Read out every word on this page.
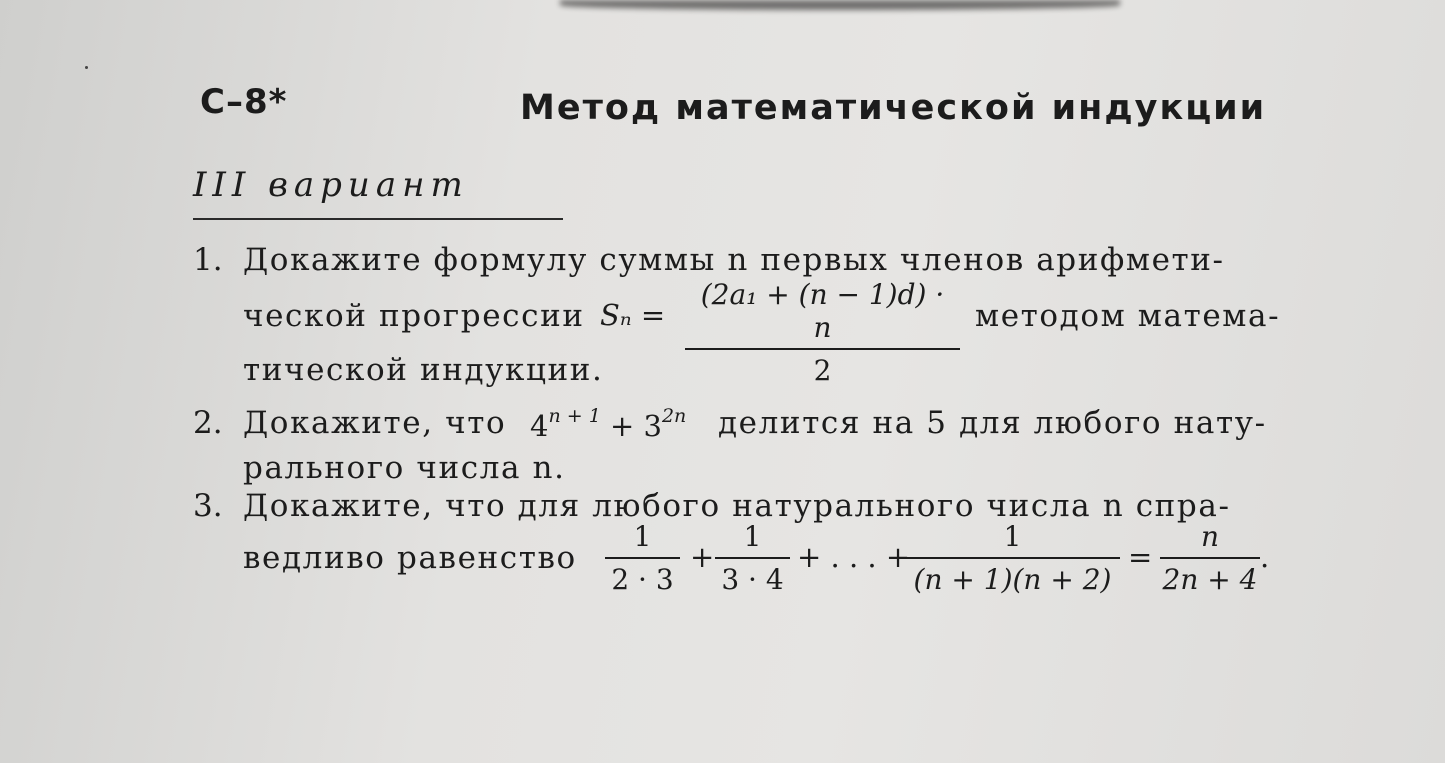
С–8*	Метод математической индукции
III вариант
1. Докажите формулу суммы n первых членов арифмети-
ческой прогрессии $S_n = \frac{\text{(2a₁ + (n − 1)d) · n}}{2}$ методом матема-
тической индукции.
2. Докажите, что $4^{n + 1} + 3^{2n}$ делится на 5 для любого нату-
рального числа n.
3. Докажите, что для любого натурального числа n спра-
ведливо равенство $\frac{1}{2 \cdot 3} + \frac{1}{3 \cdot 4}$ + . . . +
$\frac{1}{(n + 1)(n + 2)} = \frac{n}{2n + 4}$ .
